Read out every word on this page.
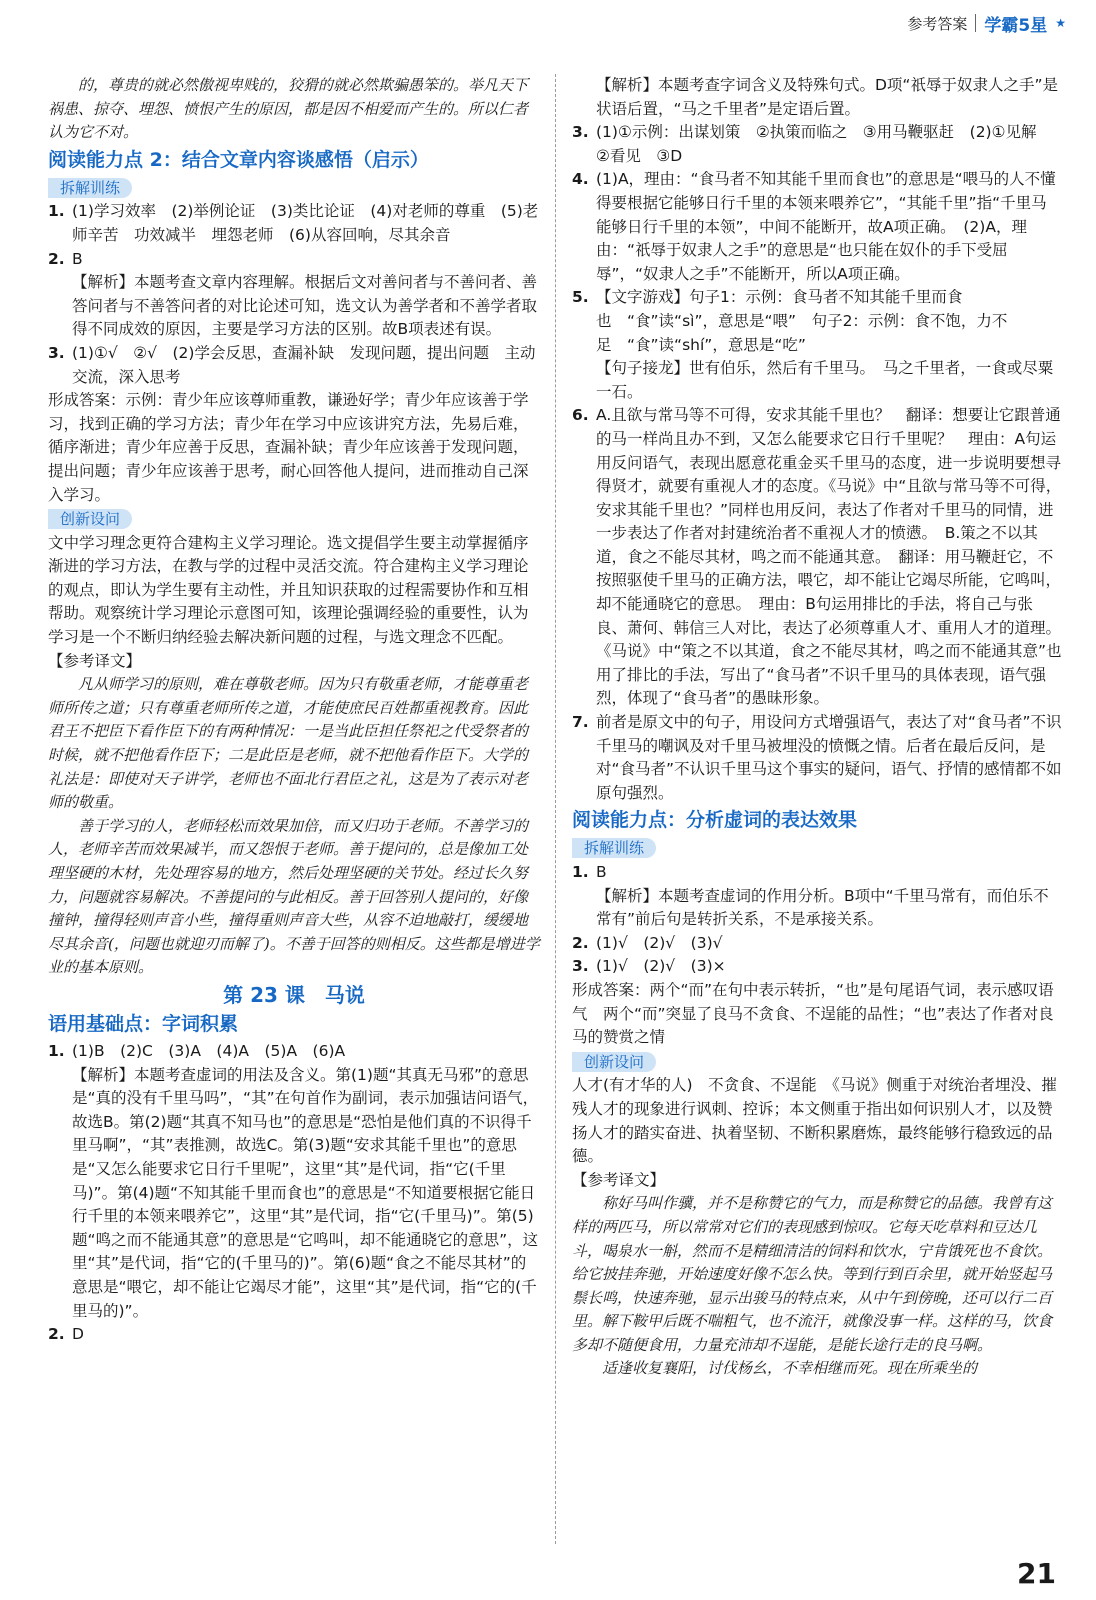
参考答案 学霸5星 ★

的，尊贵的就必然傲视卑贱的，狡猾的就必然欺骗愚笨的。举凡天下祸患、掠夺、埋怨、愤恨产生的原因，都是因不相爱而产生的。所以仁者认为它不对。

阅读能力点 2：结合文章内容谈感悟（启示）
拆解训练
1. (1)学习效率　(2)举例论证　(3)类比论证　(4)对老师的尊重　(5)老师辛苦　功效减半　埋怨老师　(6)从容回响，尽其余音
2. B

【解析】本题考查文章内容理解。根据后文对善问者与不善问者、善答问者与不善答问者的对比论述可知，选文认为善学者和不善学者取得不同成效的原因，主要是学习方法的区别。故B项表述有误。

3. (1)①√　②√　(2)学会反思，查漏补缺　发现问题，提出问题　主动交流，深入思考

形成答案：示例：青少年应该尊师重教，谦逊好学；青少年应该善于学习，找到正确的学习方法；青少年在学习中应该讲究方法，先易后难，循序渐进；青少年应善于反思，查漏补缺；青少年应该善于发现问题，提出问题；青少年应该善于思考，耐心回答他人提问，进而推动自己深入学习。

创新设问

文中学习理念更符合建构主义学习理论。选文提倡学生要主动掌握循序渐进的学习方法，在教与学的过程中灵活交流。符合建构主义学习理论的观点，即认为学生要有主动性，并且知识获取的过程需要协作和互相帮助。观察统计学习理论示意图可知，该理论强调经验的重要性，认为学习是一个不断归纳经验去解决新问题的过程，与选文理念不匹配。

【参考译文】

凡从师学习的原则，难在尊敬老师。因为只有敬重老师，才能尊重老师所传之道；只有尊重老师所传之道，才能使庶民百姓都重视教育。因此君王不把臣下看作臣下的有两种情况：一是当此臣担任祭祀之代受祭者的时候，就不把他看作臣下；二是此臣是老师，就不把他看作臣下。大学的礼法是：即使对天子讲学，老师也不面北行君臣之礼，这是为了表示对老师的敬重。

善于学习的人，老师轻松而效果加倍，而又归功于老师。不善学习的人，老师辛苦而效果减半，而又怨恨于老师。善于提问的，总是像加工处理坚硬的木材，先处理容易的地方，然后处理坚硬的关节处。经过长久努力，问题就容易解决。不善提问的与此相反。善于回答别人提问的，好像撞钟，撞得轻则声音小些，撞得重则声音大些，从容不迫地敲打，缓缓地尽其余音(，问题也就迎刃而解了)。不善于回答的则相反。这些都是增进学业的基本原则。

第 23 课　马说
语用基础点：字词积累
1. (1)B　(2)C　(3)A　(4)A　(5)A　(6)A

【解析】本题考查虚词的用法及含义。第(1)题“其真无马邪”的意思是“真的没有千里马吗”，“其”在句首作为副词，表示加强诘问语气，故选B。第(2)题“其真不知马也”的意思是“恐怕是他们真的不识得千里马啊”，“其”表推测，故选C。第(3)题“安求其能千里也”的意思是“又怎么能要求它日行千里呢”，这里“其”是代词，指“它(千里马)”。第(4)题“不知其能千里而食也”的意思是“不知道要根据它能日行千里的本领来喂养它”，这里“其”是代词，指“它(千里马)”。第(5)题“鸣之而不能通其意”的意思是“它鸣叫，却不能通晓它的意思”，这里“其”是代词，指“它的(千里马的)”。第(6)题“食之不能尽其材”的意思是“喂它，却不能让它竭尽才能”，这里“其”是代词，指“它的(千里马的)”。

2. D

【解析】本题考查字词含义及特殊句式。D项“祇辱于奴隶人之手”是状语后置，“马之千里者”是定语后置。

3. (1)①示例：出谋划策　②执策而临之　③用马鞭驱赶　(2)①见解　②看见　③D
4. (1)A，理由：“食马者不知其能千里而食也”的意思是“喂马的人不懂得要根据它能够日行千里的本领来喂养它”，“其能千里”指“千里马能够日行千里的本领”，中间不能断开，故A项正确。　(2)A，理由：“祇辱于奴隶人之手”的意思是“也只能在奴仆的手下受屈辱”，“奴隶人之手”不能断开，所以A项正确。
5. 【文字游戏】句子1：示例：食马者不知其能千里而食也　“食”读“sì”，意思是“喂”　句子2：示例：食不饱，力不足　“食”读“shí”，意思是“吃”

【句子接龙】世有伯乐，然后有千里马。　马之千里者，一食或尽粟一石。

6. A.且欲与常马等不可得，安求其能千里也？　翻译：想要让它跟普通的马一样尚且办不到，又怎么能要求它日行千里呢？　理由：A句运用反问语气，表现出愿意花重金买千里马的态度，进一步说明要想寻得贤才，就要有重视人才的态度。《马说》中“且欲与常马等不可得，安求其能千里也？”同样也用反问，表达了作者对千里马的同情，进一步表达了作者对封建统治者不重视人才的愤懑。　B.策之不以其道，食之不能尽其材，鸣之而不能通其意。　翻译：用马鞭赶它，不按照驱使千里马的正确方法，喂它，却不能让它竭尽所能，它鸣叫，却不能通晓它的意思。　理由：B句运用排比的手法，将自己与张良、萧何、韩信三人对比，表达了必须尊重人才、重用人才的道理。《马说》中“策之不以其道，食之不能尽其材，鸣之而不能通其意”也用了排比的手法，写出了“食马者”不识千里马的具体表现，语气强烈，体现了“食马者”的愚昧形象。
7. 前者是原文中的句子，用设问方式增强语气，表达了对“食马者”不识千里马的嘲讽及对千里马被埋没的愤慨之情。后者在最后反问，是对“食马者”不认识千里马这个事实的疑问，语气、抒情的感情都不如原句强烈。
阅读能力点：分析虚词的表达效果
拆解训练
1. B

【解析】本题考查虚词的作用分析。B项中“千里马常有，而伯乐不常有”前后句是转折关系，不是承接关系。

2. (1)√　(2)√　(3)√
3. (1)√　(2)√　(3)×

形成答案：两个“而”在句中表示转折，“也”是句尾语气词，表示感叹语气　两个“而”突显了良马不贪食、不逞能的品性；“也”表达了作者对良马的赞赏之情

创新设问

人才(有才华的人)　不贪食、不逞能　《马说》侧重于对统治者埋没、摧残人才的现象进行讽刺、控诉；本文侧重于指出如何识别人才，以及赞扬人才的踏实奋进、执着坚韧、不断积累磨炼，最终能够行稳致远的品德。

【参考译文】

称好马叫作骥，并不是称赞它的气力，而是称赞它的品德。我曾有这样的两匹马，所以常常对它们的表现感到惊叹。它每天吃草料和豆达几斗，喝泉水一斛，然而不是精细清洁的饲料和饮水，宁肯饿死也不食饮。给它披挂奔驰，开始速度好像不怎么快。等到行到百余里，就开始竖起马鬃长鸣，快速奔驰，显示出骏马的特点来，从中午到傍晚，还可以行二百里。解下鞍甲后既不喘粗气，也不流汗，就像没事一样。这样的马，饮食多却不随便食用，力量充沛却不逞能，是能长途行走的良马啊。

适逢收复襄阳，讨伐杨幺，不幸相继而死。现在所乘坐的

21
